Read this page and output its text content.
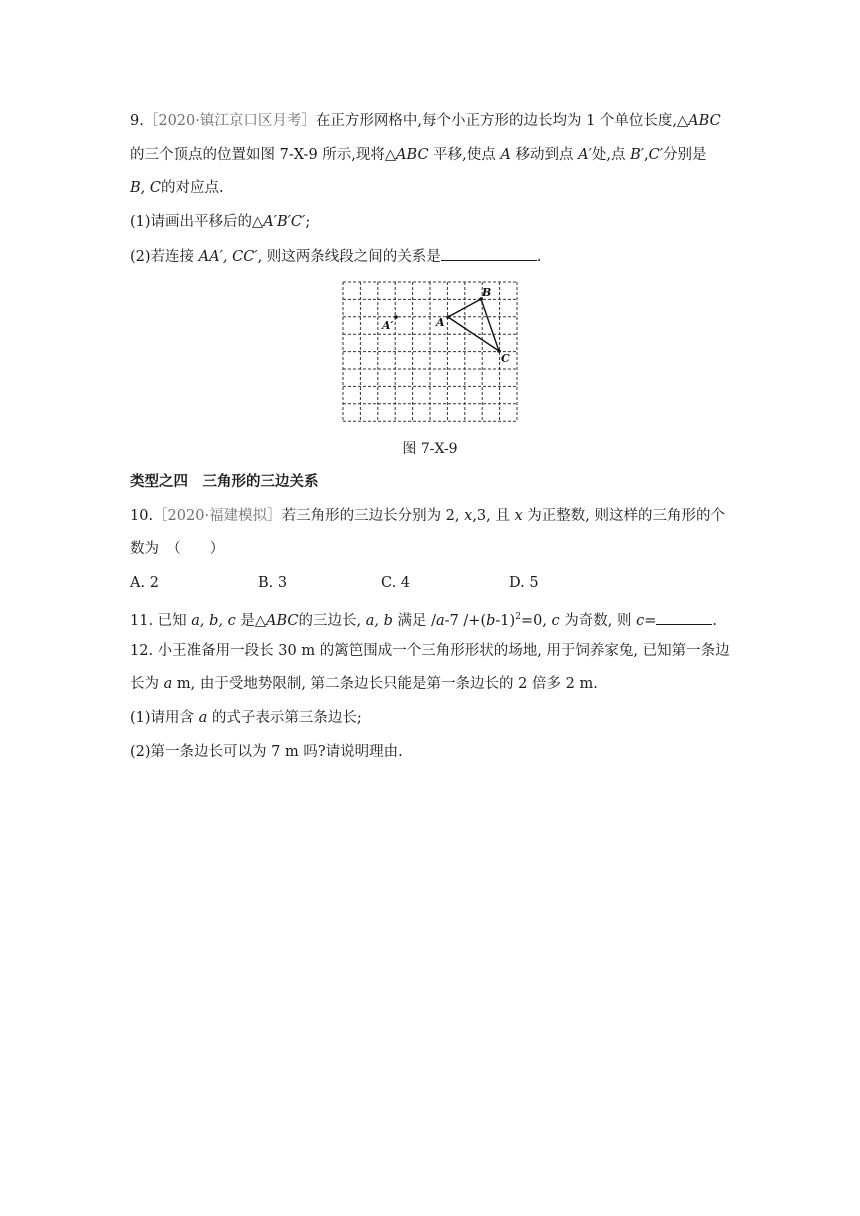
9.［2020·镇江京口区月考］在正方形网格中,每个小正方形的边长均为 1 个单位长度,△ABC
的三个顶点的位置如图 7-X-9 所示,现将△ABC 平移,使点 A 移动到点 A′处,点 B′,C′分别是
B, C的对应点.
(1)请画出平移后的△A′B′C′;
(2)若连接 AA′, CC′, 则这两条线段之间的关系是	.
A
B
C
A′
图 7-X-9
类型之四　三角形的三边关系
10.［2020·福建模拟］若三角形的三边长分别为 2, x,3, 且 x 为正整数, 则这样的三角形的个
数为　（　　）
A. 2	B. 3	C. 4	D. 5
11. 已知 a, b, c 是△ABC的三边长, a, b 满足 /a-7 $/+(b-1)^2=0$, c 为奇数, 则 c=	.
12. 小王准备用一段长 30 m 的篱笆围成一个三角形形状的场地, 用于饲养家兔, 已知第一条边
长为 a m, 由于受地势限制, 第二条边长只能是第一条边长的 2 倍多 2 m.
(1)请用含 a 的式子表示第三条边长;
(2)第一条边长可以为 7 m 吗?请说明理由.
